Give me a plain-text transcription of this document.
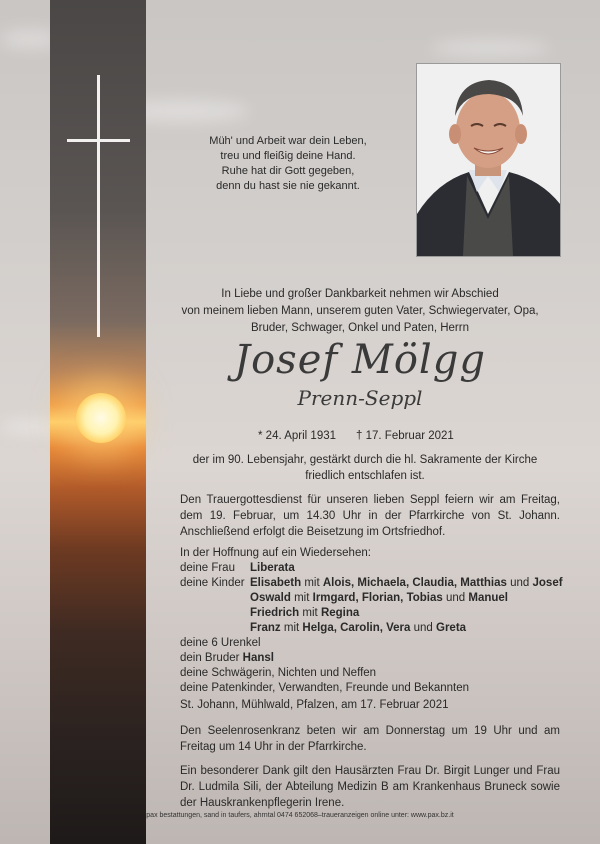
Müh' und Arbeit war dein Leben,
treu und fleißig deine Hand.
Ruhe hat dir Gott gegeben,
denn du hast sie nie gekannt.
In Liebe und großer Dankbarkeit nehmen wir Abschied
von meinem lieben Mann, unserem guten Vater, Schwiegervater, Opa,
Bruder, Schwager, Onkel und Paten, Herrn
Josef Mölgg
Prenn-Seppl
* 24. April 1931 † 17. Februar 2021
der im 90. Lebensjahr, gestärkt durch die hl. Sakramente der Kirche
friedlich entschlafen ist.
Den Trauergottesdienst für unseren lieben Seppl feiern wir am Freitag, dem 19. Februar, um 14.30 Uhr in der Pfarrkirche von St. Johann. Anschließend erfolgt die Beisetzung im Ortsfriedhof.
In der Hoffnung auf ein Wiedersehen:
deine Frau	Liberata
deine Kinder Elisabeth mit Alois, Michaela, Claudia, Matthias und Josef
Oswald mit Irmgard, Florian, Tobias und Manuel
Friedrich mit Regina
Franz mit Helga, Carolin, Vera und Greta
deine 6 Urenkel
dein Bruder Hansl
deine Schwägerin, Nichten und Neffen
deine Patenkinder, Verwandten, Freunde und Bekannten
St. Johann, Mühlwald, Pfalzen, am 17. Februar 2021
Den Seelenrosenkranz beten wir am Donnerstag um 19 Uhr und am Freitag um 14 Uhr in der Pfarrkirche.
Ein besonderer Dank gilt den Hausärzten Frau Dr. Birgit Lunger und Frau Dr. Ludmila Sili, der Abteilung Medizin B am Krankenhaus Bruneck sowie der Hauskrankenpflegerin Irene.
pax bestattungen, sand in taufers, ahrntal 0474 652068–traueranzeigen online unter: www.pax.bz.it
